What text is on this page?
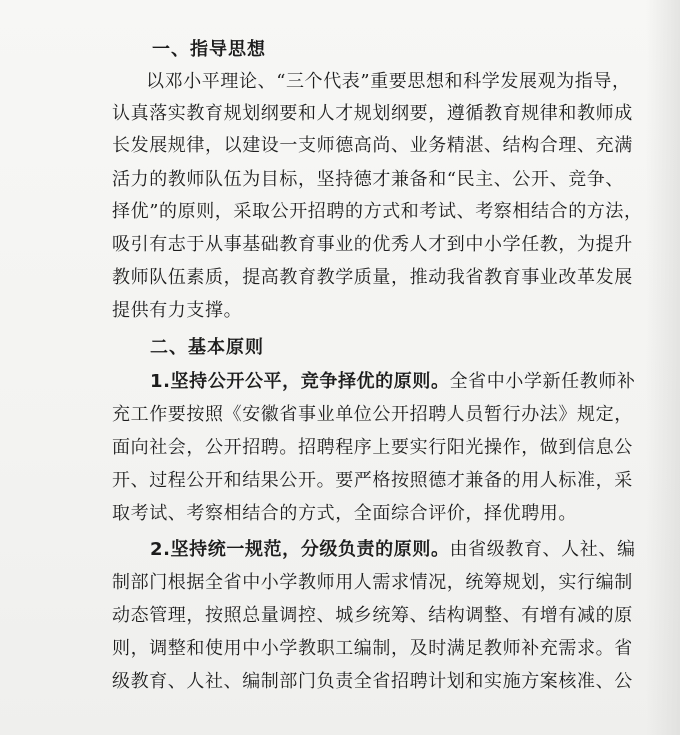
一、指导思想
以邓小平理论、“三个代表”重要思想和科学发展观为指导，
认真落实教育规划纲要和人才规划纲要，遵循教育规律和教师成
长发展规律，以建设一支师德高尚、业务精湛、结构合理、充满
活力的教师队伍为目标，坚持德才兼备和“民主、公开、竞争、
择优”的原则，采取公开招聘的方式和考试、考察相结合的方法，
吸引有志于从事基础教育事业的优秀人才到中小学任教，为提升
教师队伍素质，提高教育教学质量，推动我省教育事业改革发展
提供有力支撑。
二、基本原则
1.坚持公开公平，竞争择优的原则。全省中小学新任教师补
充工作要按照《安徽省事业单位公开招聘人员暂行办法》规定，
面向社会，公开招聘。招聘程序上要实行阳光操作，做到信息公
开、过程公开和结果公开。要严格按照德才兼备的用人标准，采
取考试、考察相结合的方式，全面综合评价，择优聘用。
2.坚持统一规范，分级负责的原则。由省级教育、人社、编
制部门根据全省中小学教师用人需求情况，统筹规划，实行编制
动态管理，按照总量调控、城乡统筹、结构调整、有增有减的原
则，调整和使用中小学教职工编制，及时满足教师补充需求。省
级教育、人社、编制部门负责全省招聘计划和实施方案核准、公
